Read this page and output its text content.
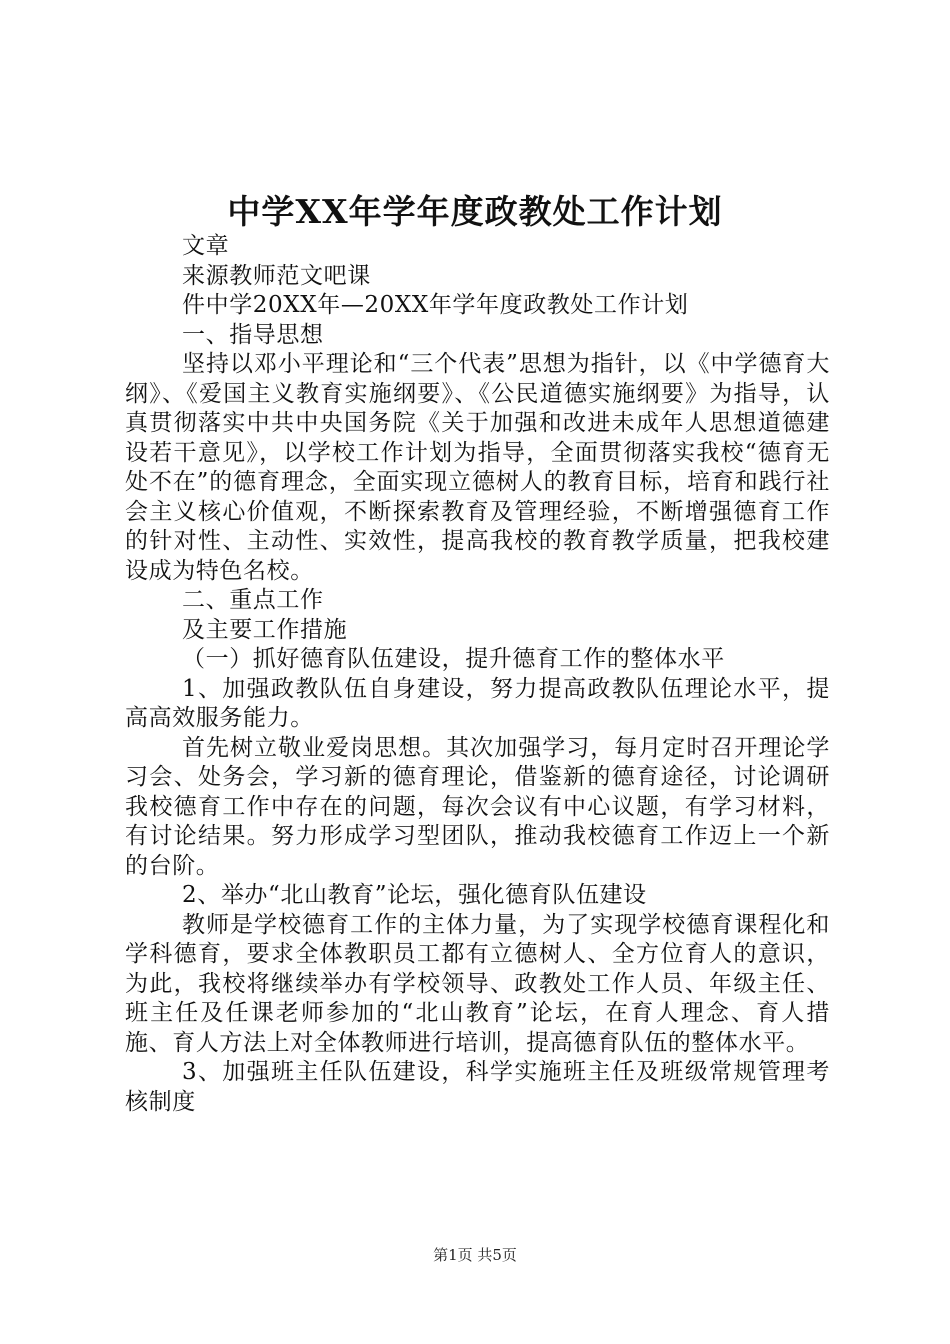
中学XX年学年度政教处工作计划

文章

来源教师范文吧课

件中学20XX年—20XX年学年度政教处工作计划

一、指导思想

坚持以邓小平理论和“三个代表”思想为指针，以《中学德育大纲》、《爱国主义教育实施纲要》、《公民道德实施纲要》为指导，认真贯彻落实中共中央国务院《关于加强和改进未成年人思想道德建设若干意见》，以学校工作计划为指导，全面贯彻落实我校“德育无处不在”的德育理念，全面实现立德树人的教育目标，培育和践行社会主义核心价值观，不断探索教育及管理经验，不断增强德育工作的针对性、主动性、实效性，提高我校的教育教学质量，把我校建设成为特色名校。

二、重点工作

及主要工作措施

（一）抓好德育队伍建设，提升德育工作的整体水平

1、加强政教队伍自身建设，努力提高政教队伍理论水平，提高高效服务能力。

首先树立敬业爱岗思想。其次加强学习，每月定时召开理论学习会、处务会，学习新的德育理论，借鉴新的德育途径，讨论调研我校德育工作中存在的问题，每次会议有中心议题，有学习材料，有讨论结果。努力形成学习型团队，推动我校德育工作迈上一个新的台阶。

2、举办“北山教育”论坛，强化德育队伍建设

教师是学校德育工作的主体力量，为了实现学校德育课程化和学科德育，要求全体教职员工都有立德树人、全方位育人的意识，为此，我校将继续举办有学校领导、政教处工作人员、年级主任、班主任及任课老师参加的“北山教育”论坛，在育人理念、育人措施、育人方法上对全体教师进行培训，提高德育队伍的整体水平。

3、加强班主任队伍建设，科学实施班主任及班级常规管理考核制度

第1页 共5页
